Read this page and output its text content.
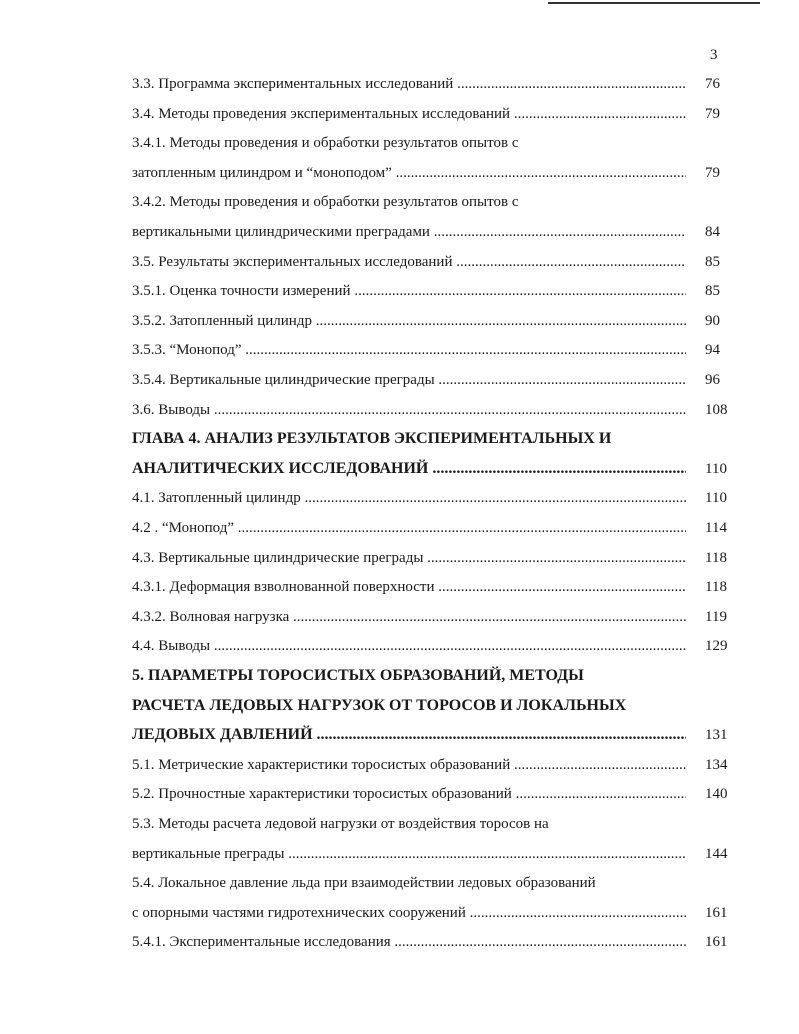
3
3.3. Программа экспериментальных исследований .....	76
3.4. Методы проведения экспериментальных исследований .....	79
3.4.1. Методы проведения и обработки результатов опытов с
затопленным цилиндром и “моноподом” .....	79
3.4.2. Методы проведения и обработки результатов опытов с
вертикальными цилиндрическими преградами .....	84
3.5. Результаты экспериментальных исследований .....	85
3.5.1. Оценка точности измерений .....	85
3.5.2. Затопленный цилиндр .....	90
3.5.3. “Монопод” .....	94
3.5.4. Вертикальные цилиндрические преграды .....	96
3.6. Выводы .....	108
ГЛАВА 4. АНАЛИЗ РЕЗУЛЬТАТОВ ЭКСПЕРИМЕНТАЛЬНЫХ И
АНАЛИТИЧЕСКИХ ИССЛЕДОВАНИЙ .....	110
4.1. Затопленный цилиндр .....	110
4.2 . “Монопод” .....	114
4.3. Вертикальные цилиндрические преграды .....	118
4.3.1. Деформация взволнованной поверхности .....	118
4.3.2. Волновая нагрузка .....	119
4.4. Выводы .....	129
5. ПАРАМЕТРЫ ТОРОСИСТЫХ ОБРАЗОВАНИЙ, МЕТОДЫ
РАСЧЕТА ЛЕДОВЫХ НАГРУЗОК ОТ ТОРОСОВ И ЛОКАЛЬНЫХ
ЛЕДОВЫХ ДАВЛЕНИЙ .....	131
5.1. Метрические характеристики торосистых образований .....	134
5.2. Прочностные характеристики торосистых образований .....	140
5.3. Методы расчета ледовой нагрузки от воздействия торосов на
вертикальные преграды .....	144
5.4. Локальное давление льда при взаимодействии ледовых образований
с опорными частями гидротехнических сооружений .....	161
5.4.1. Экспериментальные исследования .....	161
